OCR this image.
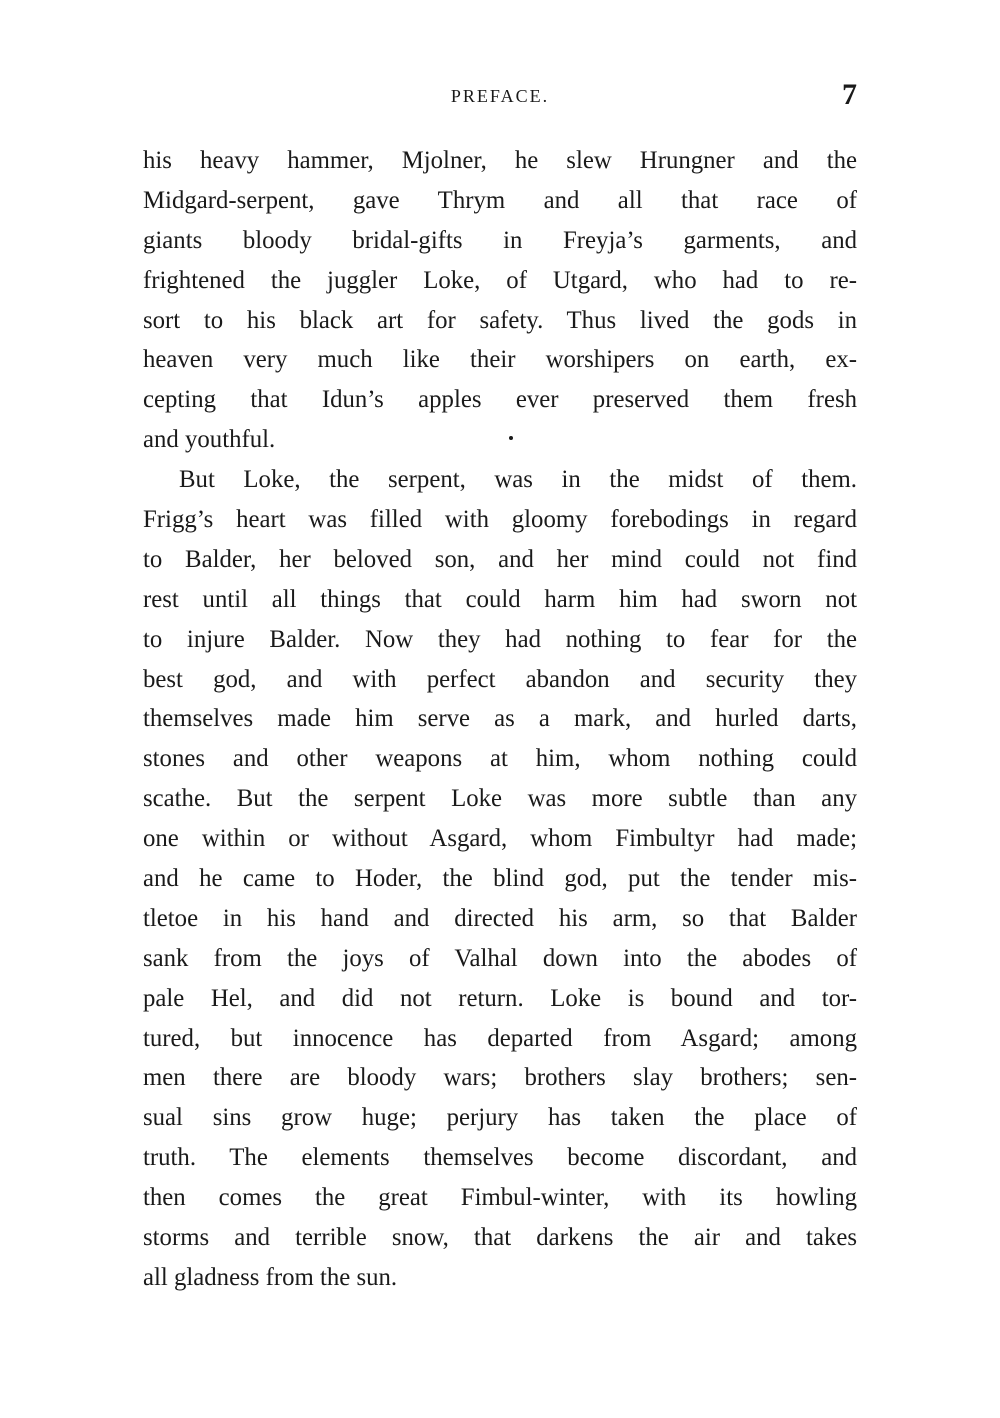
PREFACE.	7
his heavy hammer, Mjolner, he slew Hrungner and the
Midgard-serpent, gave Thrym and all that race of
giants bloody bridal-gifts in Freyja’s garments, and
frightened the juggler Loke, of Utgard, who had to re-
sort to his black art for safety. Thus lived the gods in
heaven very much like their worshipers on earth, ex-
cepting that Idun’s apples ever preserved them fresh
and youthful.
But Loke, the serpent, was in the midst of them.
Frigg’s heart was filled with gloomy forebodings in regard
to Balder, her beloved son, and her mind could not find
rest until all things that could harm him had sworn not
to injure Balder. Now they had nothing to fear for the
best god, and with perfect abandon and security they
themselves made him serve as a mark, and hurled darts,
stones and other weapons at him, whom nothing could
scathe. But the serpent Loke was more subtle than any
one within or without Asgard, whom Fimbultyr had made;
and he came to Hoder, the blind god, put the tender mis-
tletoe in his hand and directed his arm, so that Balder
sank from the joys of Valhal down into the abodes of
pale Hel, and did not return. Loke is bound and tor-
tured, but innocence has departed from Asgard; among
men there are bloody wars; brothers slay brothers; sen-
sual sins grow huge; perjury has taken the place of
truth. The elements themselves become discordant, and
then comes the great Fimbul-winter, with its howling
storms and terrible snow, that darkens the air and takes
all gladness from the sun.
